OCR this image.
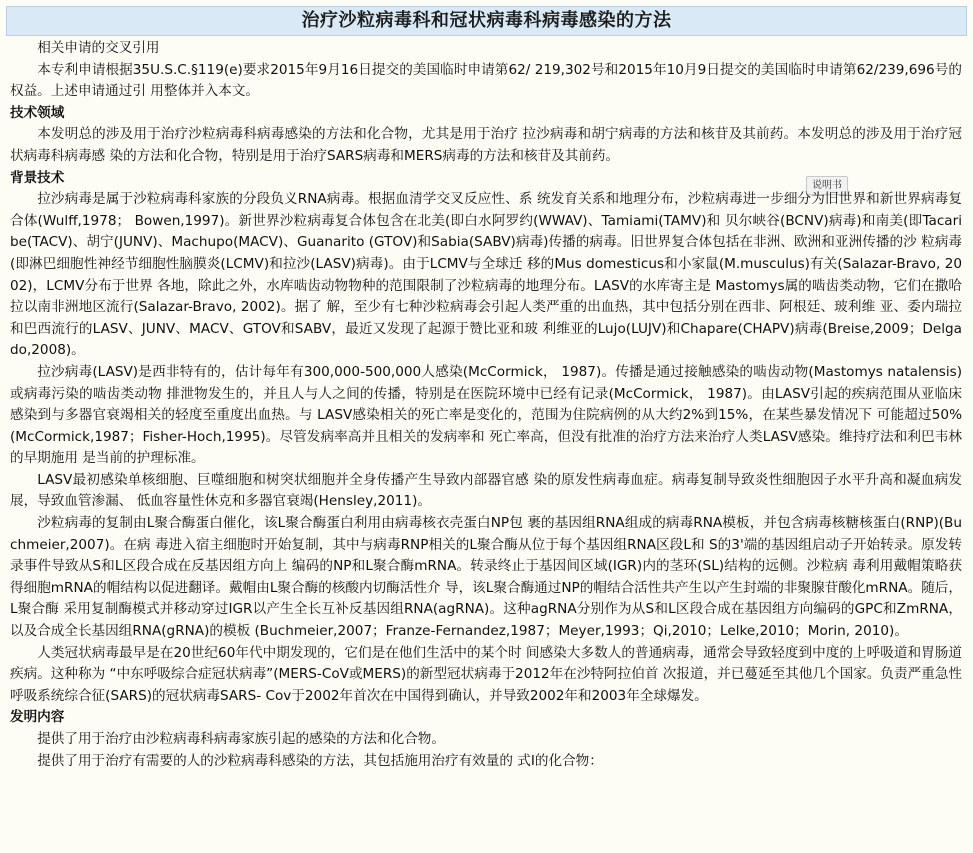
治疗沙粒病毒科和冠状病毒科病毒感染的方法
说明书

相关申请的交叉引用

本专利申请根据35U.S.C.§119(e)要求2015年9月16日提交的美国临时申请第62/ 219,302号和2015年10月9日提交的美国临时申请第62/239,696号的权益。上述申请通过引 用整体并入本文。

技术领域

本发明总的涉及用于治疗沙粒病毒科病毒感染的方法和化合物，尤其是用于治疗 拉沙病毒和胡宁病毒的方法和核苷及其前药。本发明总的涉及用于治疗冠状病毒科病毒感 染的方法和化合物，特别是用于治疗SARS病毒和MERS病毒的方法和核苷及其前药。

背景技术

拉沙病毒是属于沙粒病毒科家族的分段负义RNA病毒。根据血清学交叉反应性、系 统发育关系和地理分布，沙粒病毒进一步细分为旧世界和新世界病毒复合体(Wulff,1978； Bowen,1997)。新世界沙粒病毒复合体包含在北美(即白水阿罗约(WWAV)、Tamiami(TAMV)和 贝尔峡谷(BCNV)病毒)和南美(即Tacaribe(TACV)、胡宁(JUNV)、Machupo(MACV)、Guanarito (GTOV)和Sabia(SABV)病毒)传播的病毒。旧世界复合体包括在非洲、欧洲和亚洲传播的沙 粒病毒(即淋巴细胞性神经节细胞性脑膜炎(LCMV)和拉沙(LASV)病毒)。由于LCMV与全球迁 移的Mus domesticus和小家鼠(M.musculus)有关(Salazar-Bravo, 2002)，LCMV分布于世界 各地，除此之外，水库啮齿动物物种的范围限制了沙粒病毒的地理分布。LASV的水库寄主是 Mastomys属的啮齿类动物，它们在撒哈拉以南非洲地区流行(Salazar-Bravo, 2002)。据了 解，至少有七种沙粒病毒会引起人类严重的出血热，其中包括分别在西非、阿根廷、玻利维 亚、委内瑞拉和巴西流行的LASV、JUNV、MACV、GTOV和SABV，最近又发现了起源于赞比亚和玻 利维亚的Lujo(LUJV)和Chapare(CHAPV)病毒(Breise,2009；Delgado,2008)。

拉沙病毒(LASV)是西非特有的，估计每年有300,000-500,000人感染(McCormick， 1987)。传播是通过接触感染的啮齿动物(Mastomys natalensis)或病毒污染的啮齿类动物 排泄物发生的，并且人与人之间的传播，特别是在医院环境中已经有记录(McCormick， 1987)。由LASV引起的疾病范围从亚临床感染到与多器官衰竭相关的轻度至重度出血热。与 LASV感染相关的死亡率是变化的，范围为住院病例的从大约2%到15%，在某些暴发情况下 可能超过50%(McCormick,1987；Fisher-Hoch,1995)。尽管发病率高并且相关的发病率和 死亡率高，但没有批准的治疗方法来治疗人类LASV感染。维持疗法和利巴韦林的早期施用 是当前的护理标准。

LASV最初感染单核细胞、巨噬细胞和树突状细胞并全身传播产生导致内部器官感 染的原发性病毒血症。病毒复制导致炎性细胞因子水平升高和凝血病发展，导致血管渗漏、 低血容量性休克和多器官衰竭(Hensley,2011)。

沙粒病毒的复制由L聚合酶蛋白催化，该L聚合酶蛋白利用由病毒核衣壳蛋白NP包 裹的基因组RNA组成的病毒RNA模板，并包含病毒核糖核蛋白(RNP)(Buchmeier,2007)。在病 毒进入宿主细胞时开始复制，其中与病毒RNP相关的L聚合酶从位于每个基因组RNA区段L和 S的3'端的基因组启动子开始转录。原发转录事件导致从S和L区段合成在反基因组方向上 编码的NP和L聚合酶mRNA。转录终止于基因间区域(IGR)内的茎环(SL)结构的远侧。沙粒病 毒利用戴帽策略获得细胞mRNA的帽结构以促进翻译。戴帽由L聚合酶的核酸内切酶活性介 导，该L聚合酶通过NP的帽结合活性共产生以产生封端的非聚腺苷酸化mRNA。随后，L聚合酶 采用复制酶模式并移动穿过IGR以产生全长互补反基因组RNA(agRNA)。这种agRNA分别作为从S和L区段合成在基因组方向编码的GPC和ZmRNA，以及合成全长基因组RNA(gRNA)的模板 (Buchmeier,2007；Franze-Fernandez,1987；Meyer,1993；Qi,2010；Lelke,2010；Morin, 2010)。

人类冠状病毒最早是在20世纪60年代中期发现的，它们是在他们生活中的某个时 间感染大多数人的普通病毒，通常会导致轻度到中度的上呼吸道和胃肠道疾病。这种称为 “中东呼吸综合症冠状病毒”(MERS-CoV或MERS)的新型冠状病毒于2012年在沙特阿拉伯首 次报道，并已蔓延至其他几个国家。负责严重急性呼吸系统综合征(SARS)的冠状病毒SARS- Cov于2002年首次在中国得到确认，并导致2002年和2003年全球爆发。

发明内容

提供了用于治疗由沙粒病毒科病毒家族引起的感染的方法和化合物。

提供了用于治疗有需要的人的沙粒病毒科感染的方法，其包括施用治疗有效量的 式I的化合物：
